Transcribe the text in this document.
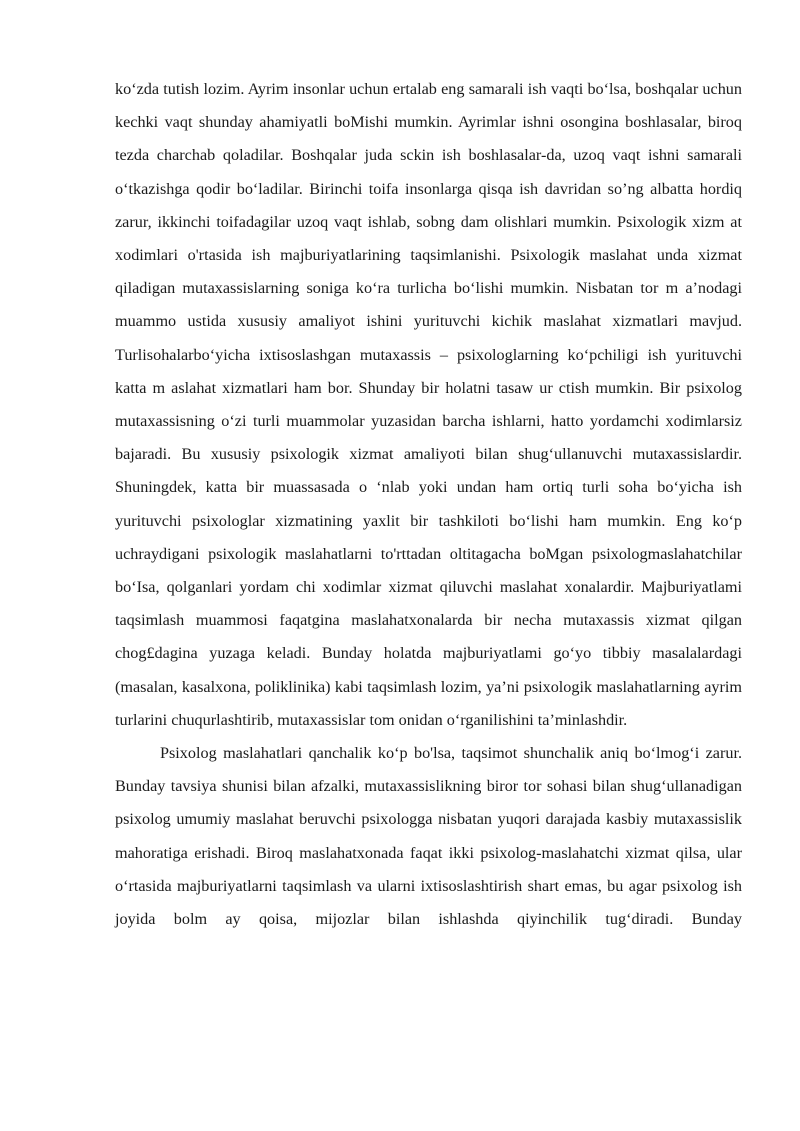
ko‘zda tutish lozim. Ayrim insonlar uchun ertalab eng samarali ish vaqti bo‘lsa, boshqalar uchun kechki vaqt shunday ahamiyatli boMishi mumkin. Ayrimlar ishni osongina boshlasalar, biroq tezda charchab qoladilar. Boshqalar juda sckin ish boshlasalar-da, uzoq vaqt ishni samarali o‘tkazishga qodir bo‘ladilar. Birinchi toifa insonlarga qisqa ish davridan so’ng albatta hordiq zarur, ikkinchi toifadagilar uzoq vaqt ishlab, sobng dam olishlari mumkin. Psixologik xizm at xodimlari o'rtasida ish majburiyatlarining taqsimlanishi. Psixologik maslahat unda xizmat qiladigan mutaxassislarning soniga ko‘ra turlicha bo‘lishi mumkin. Nisbatan tor m a’nodagi muammo ustida xususiy amaliyot ishini yurituvchi kichik maslahat xizmatlari mavjud. Turlisohalarbo‘yicha ixtisoslashgan mutaxassis – psixologlarning ko‘pchiligi ish yurituvchi katta m aslahat xizmatlari ham bor. Shunday bir holatni tasaw ur ctish mumkin. Bir psixolog mutaxassisning o‘zi turli muammolar yuzasidan barcha ishlarni, hatto yordamchi xodimlarsiz bajaradi. Bu xususiy psixologik xizmat amaliyoti bilan shug‘ullanuvchi mutaxassislardir. Shuningdek, katta bir muassasada o ‘nlab yoki undan ham ortiq turli soha bo‘yicha ish yurituvchi psixologlar xizmatining yaxlit bir tashkiloti bo‘lishi ham mumkin. Eng ko‘p uchraydigani psixologik maslahatlarni to'rttadan oltitagacha boMgan psixologmaslahatchilar bo‘Isa, qolganlari yordam chi xodimlar xizmat qiluvchi maslahat xonalardir. Majburiyatlami taqsimlash muammosi faqatgina maslahatxonalarda bir necha mutaxassis xizmat qilgan chog£dagina yuzaga keladi. Bunday holatda majburiyatlami go‘yo tibbiy masalalardagi (masalan, kasalxona, poliklinika) kabi taqsimlash lozim, ya’ni psixologik maslahatlarning ayrim turlarini chuqurlashtirib, mutaxassislar tom onidan o‘rganilishini ta’minlashdir.

Psixolog maslahatlari qanchalik ko‘p bo'lsa, taqsimot shunchalik aniq bo‘lmog‘i zarur. Bunday tavsiya shunisi bilan afzalki, mutaxassislikning biror tor sohasi bilan shug‘ullanadigan psixolog umumiy maslahat beruvchi psixologga nisbatan yuqori darajada kasbiy mutaxassislik mahoratiga erishadi. Biroq maslahatxonada faqat ikki psixolog-maslahatchi xizmat qilsa, ular o‘rtasida majburiyatlarni taqsimlash va ularni ixtisoslashtirish shart emas, bu agar psixolog ish joyida bolm ay qoisa, mijozlar bilan ishlashda qiyinchilik tug‘diradi. Bunday
